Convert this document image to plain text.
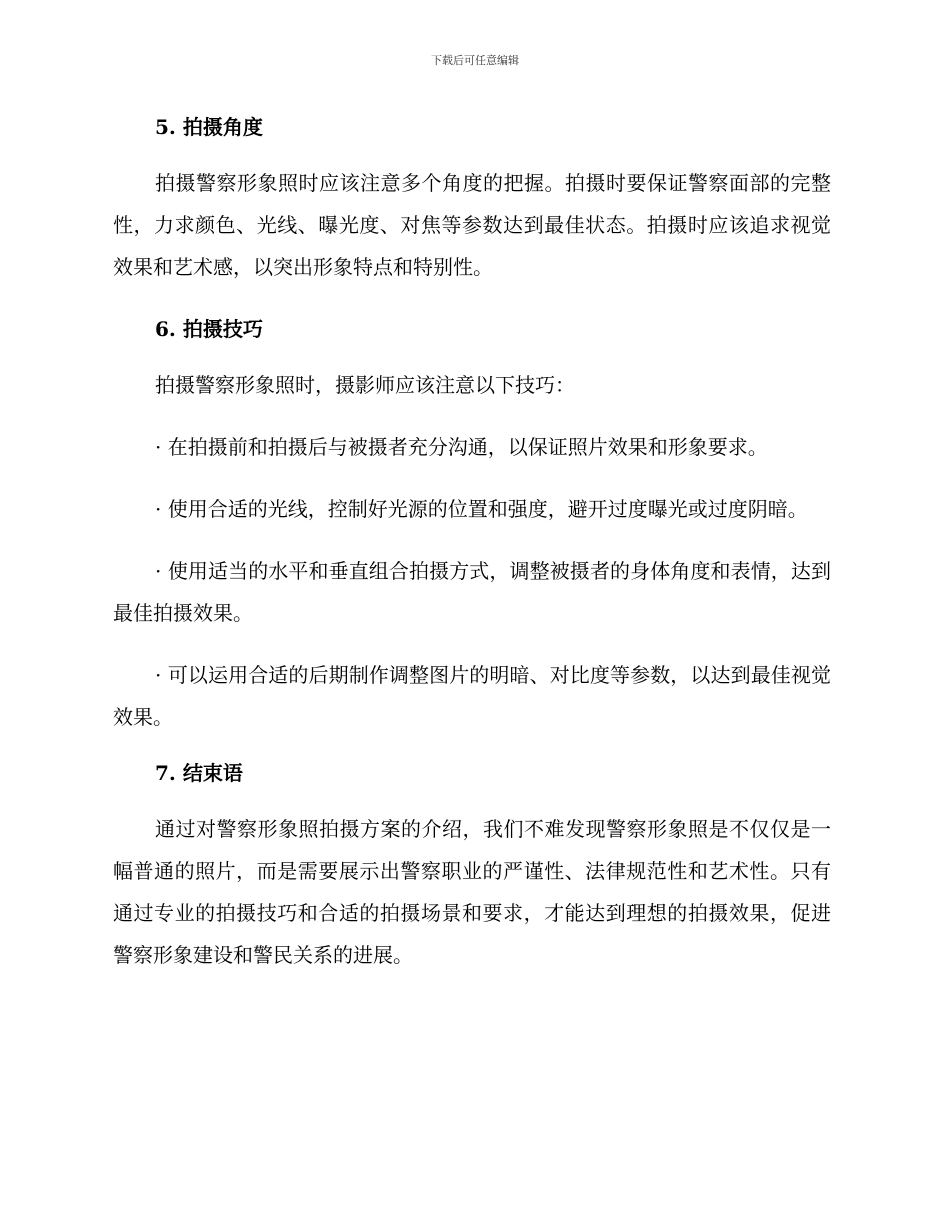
下载后可任意编辑
5. 拍摄角度

拍摄警察形象照时应该注意多个角度的把握。拍摄时要保证警察面部的完整性，力求颜色、光线、曝光度、对焦等参数达到最佳状态。拍摄时应该追求视觉效果和艺术感，以突出形象特点和特别性。

6. 拍摄技巧

拍摄警察形象照时，摄影师应该注意以下技巧：

· 在拍摄前和拍摄后与被摄者充分沟通，以保证照片效果和形象要求。

· 使用合适的光线，控制好光源的位置和强度，避开过度曝光或过度阴暗。

· 使用适当的水平和垂直组合拍摄方式，调整被摄者的身体角度和表情，达到最佳拍摄效果。

· 可以运用合适的后期制作调整图片的明暗、对比度等参数，以达到最佳视觉效果。

7. 结束语

通过对警察形象照拍摄方案的介绍，我们不难发现警察形象照是不仅仅是一幅普通的照片，而是需要展示出警察职业的严谨性、法律规范性和艺术性。只有通过专业的拍摄技巧和合适的拍摄场景和要求，才能达到理想的拍摄效果，促进警察形象建设和警民关系的进展。
